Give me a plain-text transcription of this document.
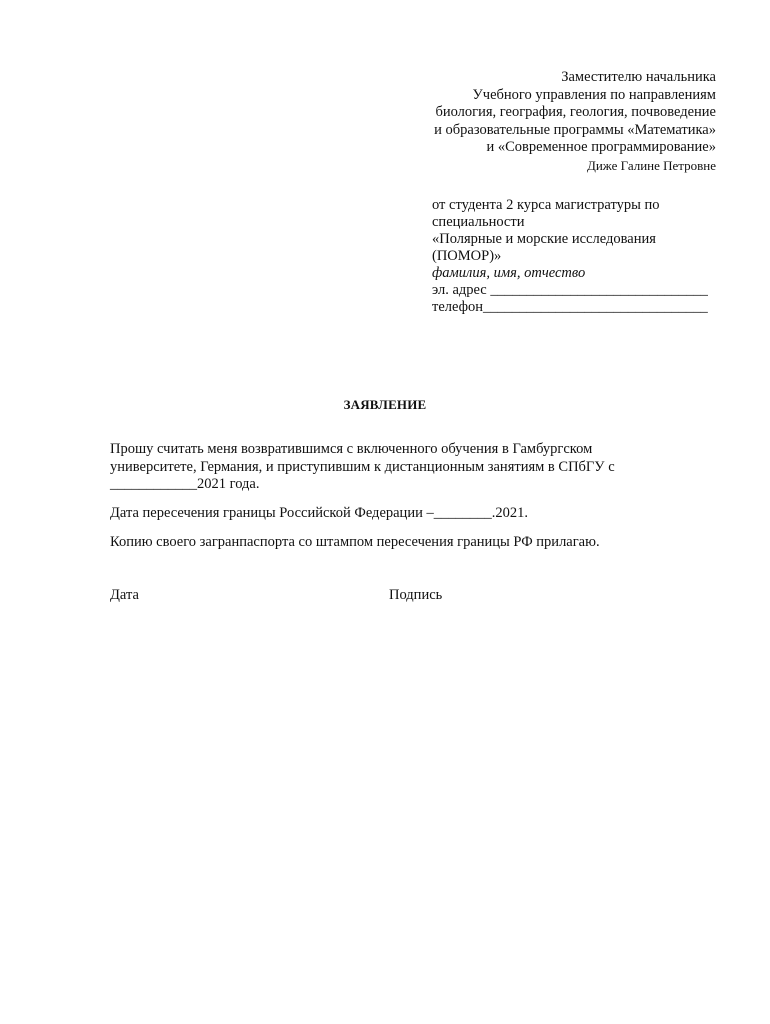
Заместителю начальника
Учебного управления по направлениям
биология, география, геология, почвоведение
и образовательные программы «Математика»
и «Современное программирование»
Диже Галине Петровне
от студента 2 курса магистратуры по
специальности
«Полярные и морские исследования
(ПОМОР)»
фамилия, имя, отчество
эл. адрес ______________________________
телефон_______________________________
ЗАЯВЛЕНИЕ
Прошу считать меня возвратившимся с включенного обучения в Гамбургском
университете, Германия, и приступившим к дистанционным занятиям в СПбГУ с
____________2021 года.
Дата пересечения границы Российской Федерации –________.2021.
Копию своего загранпаспорта со штампом пересечения границы РФ прилагаю.
Дата	Подпись
